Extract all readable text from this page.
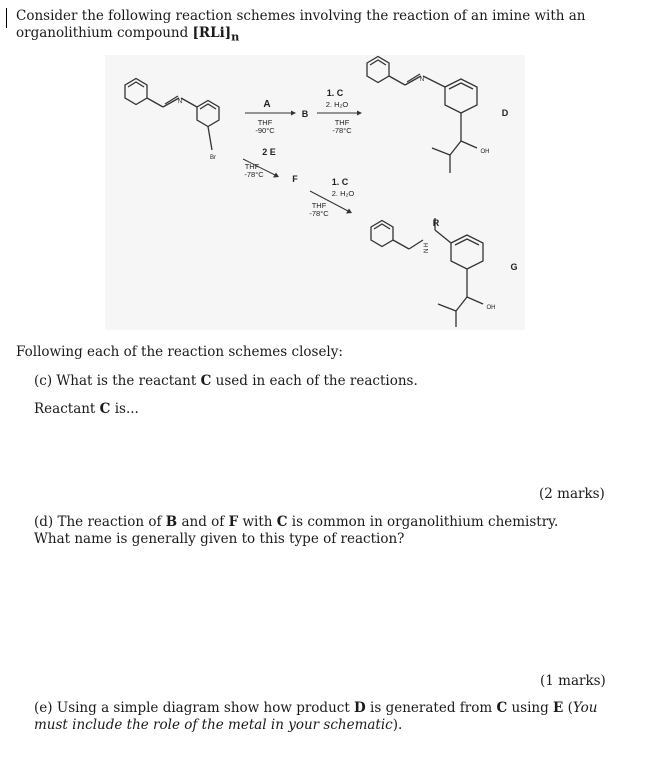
Consider the following reaction schemes involving the reaction of an imine with an organolithium compound $[RLi]_n$
A
THF
-90°C
B
1. C
2. H₂O
THF
-78°C
D
2 E
THF
-78°C	F	1. C
2. H₂O
THF
-78°C
R
G
Br
N
N
OH
N H
OH
Following each of the reaction schemes closely:
(c) What is the reactant C used in each of the reactions.
Reactant C is...
(2 marks)
(d) The reaction of B and of F with C is common in organolithium chemistry. What name is generally given to this type of reaction?
(1 marks)
(e) Using a simple diagram show how product D is generated from C using E (You must include the role of the metal in your schematic).
